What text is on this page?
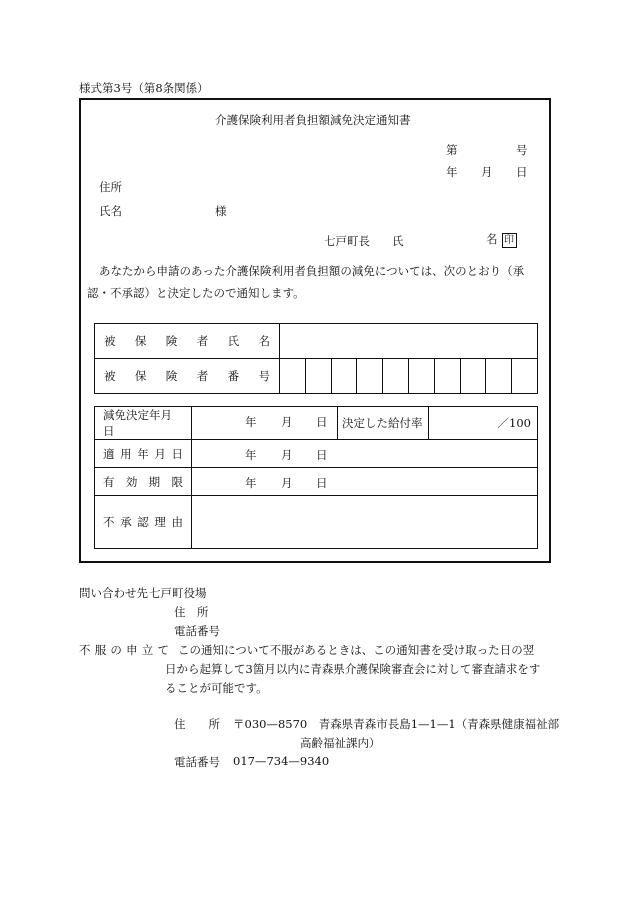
様式第3号（第8条関係）
介護保険利用者負担額減免決定通知書
第	号
年 月 日
住所
氏名	様
七戸町長 氏	名 印
あなたから申請のあった介護保険利用者負担額の減免については、次のとおり（承
認・不承認）と決定したので通知します。
被保険者氏名										
被保険者番号										
減免決定年月日	年 月 日	決定した給付率	／100
適用年月日	年 月 日		

有効期限	年 月 日		

不承認理由			
問い合わせ先 七戸町役場
住　所
電話番号
不服の申立て この通知について不服があるときは、この通知書を受け取った日の翌
日から起算して3箇月以内に青森県介護保険審査会に対して審査請求をす
ることが可能です。
住　　所 〒030—8570　青森県青森市長島1—1—1（青森県健康福祉部
高齢福祉課内）
電話番号 017—734—9340
